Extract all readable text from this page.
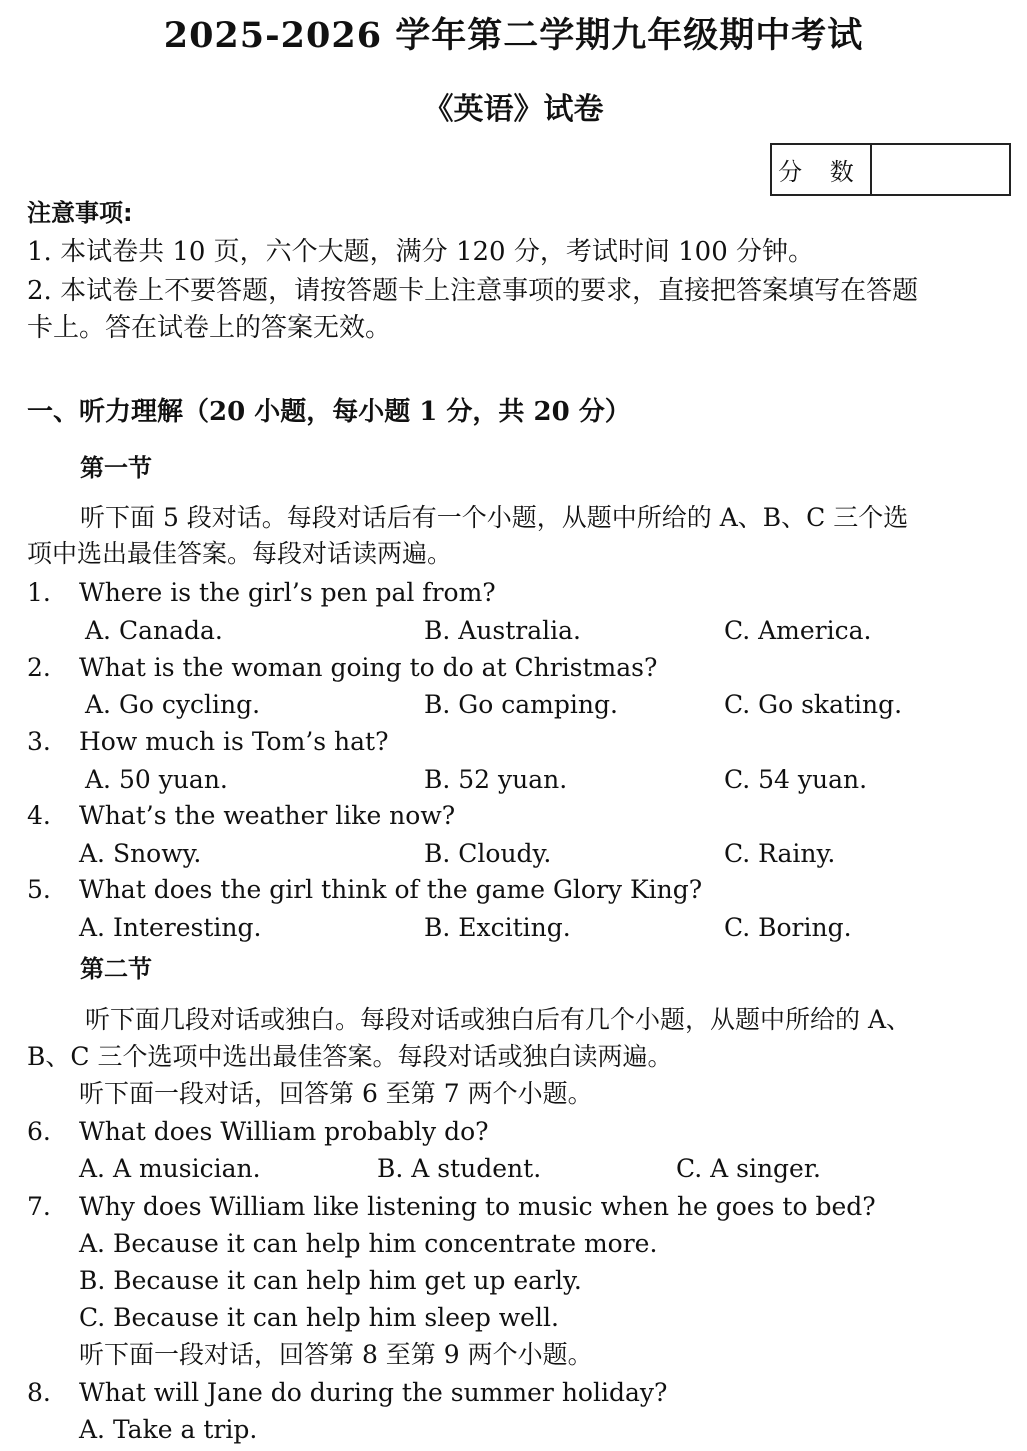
2025-2026 学年第二学期九年级期中考试
《英语》试卷
分 数
注意事项:
1. 本试卷共 10 页，六个大题，满分 120 分，考试时间 100 分钟。
2. 本试卷上不要答题，请按答题卡上注意事项的要求，直接把答案填写在答题
卡上。答在试卷上的答案无效。
一、听力理解（20 小题，每小题 1 分，共 20 分）
第一节
听下面 5 段对话。每段对话后有一个小题，从题中所给的 A、B、C 三个选
项中选出最佳答案。每段对话读两遍。
1. Where is the girl’s pen pal from?
A. Canada.	B. Australia.	C. America.
2. What is the woman going to do at Christmas?
A. Go cycling.	B. Go camping.	C. Go skating.
3. How much is Tom’s hat?
A. 50 yuan.	B. 52 yuan.	C. 54 yuan.
4. What’s the weather like now?
A. Snowy.	B. Cloudy.	C. Rainy.
5. What does the girl think of the game Glory King?
A. Interesting.	B. Exciting.	C. Boring.
第二节
听下面几段对话或独白。每段对话或独白后有几个小题，从题中所给的 A、
B、C 三个选项中选出最佳答案。每段对话或独白读两遍。
听下面一段对话，回答第 6 至第 7 两个小题。
6. What does William probably do?
A. A musician.	B. A student.	C. A singer.
7. Why does William like listening to music when he goes to bed?
A. Because it can help him concentrate more.
B. Because it can help him get up early.
C. Because it can help him sleep well.
听下面一段对话，回答第 8 至第 9 两个小题。
8. What will Jane do during the summer holiday?
A. Take a trip.
